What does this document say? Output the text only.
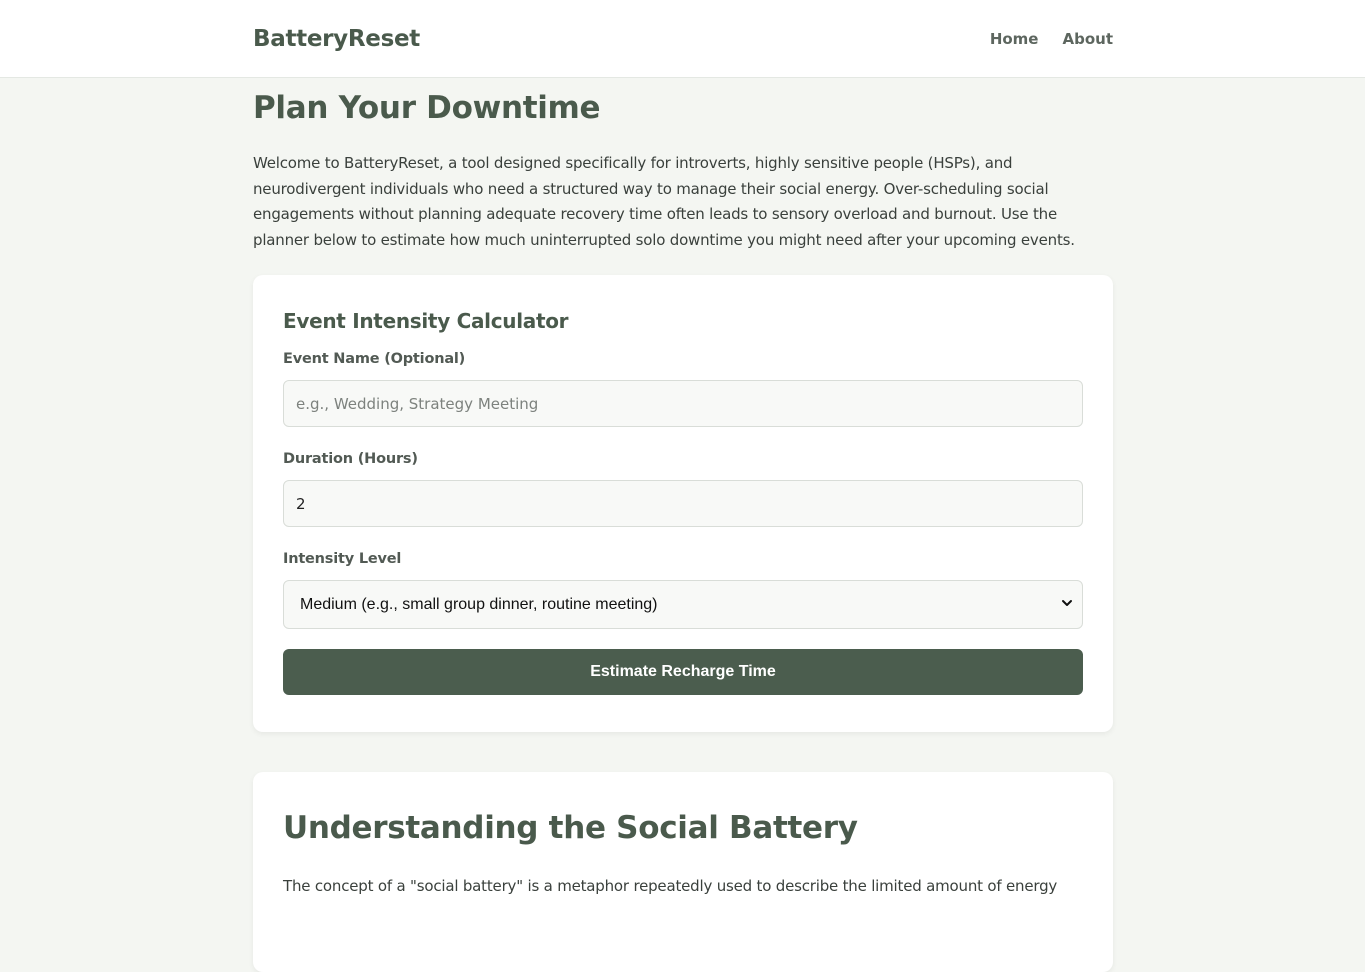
BatteryReset	Home About
Plan Your Downtime

Welcome to BatteryReset, a tool designed specifically for introverts, highly sensitive people (HSPs), and neurodivergent individuals who need a structured way to manage their social energy. Over-scheduling social engagements without planning adequate recovery time often leads to sensory overload and burnout. Use the planner below to estimate how much uninterrupted solo downtime you might need after your upcoming events.

Event Intensity Calculator
Event Name (Optional)
e.g., Wedding, Strategy Meeting
Duration (Hours)
2
Intensity Level
Medium (e.g., small group dinner, routine meeting)
Estimate Recharge Time
Understanding the Social Battery

The concept of a "social battery" is a metaphor repeatedly used to describe the limited amount of energy
